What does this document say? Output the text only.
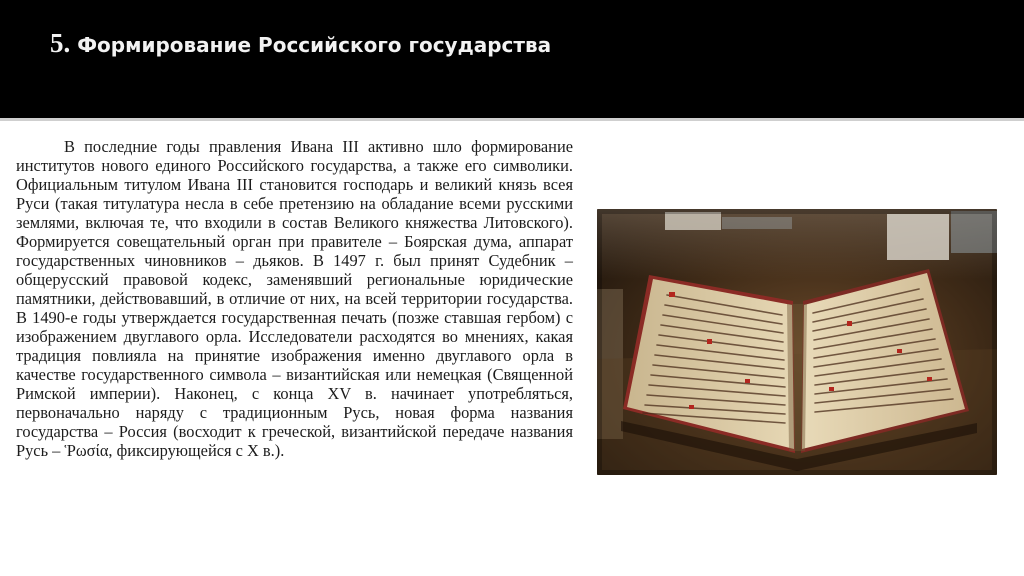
5. Формирование Российского государства

В последние годы правления Ивана III активно шло формирование институтов нового единого Российского государства, а также его символики. Официальным титулом Ивана III становится господарь и великий князь всея Руси (такая титулатура несла в себе претензию на обладание всеми русскими землями, включая те, что входили в состав Великого княжества Литовского). Формируется совещательный орган при правителе – Боярская дума, аппарат государственных чиновников – дьяков. В 1497 г. был принят Судебник – общерусский правовой кодекс, заменявший региональные юридические памятники, действовавший, в отличие от них, на всей территории государства. В 1490-е годы утверждается государственная печать (позже ставшая гербом) с изображением двуглавого орла. Исследователи расходятся во мнениях, какая традиция повлияла на принятие изображения именно двуглавого орла в качестве государственного символа – византийская или немецкая (Священной Римской империи). Наконец, с конца XV в. начинает употребляться, первоначально наряду с традиционным Русь, новая форма названия государства – Россия (восходит к греческой, византийской передаче названия Русь – Ῥωσία, фиксирующейся с X в.).
